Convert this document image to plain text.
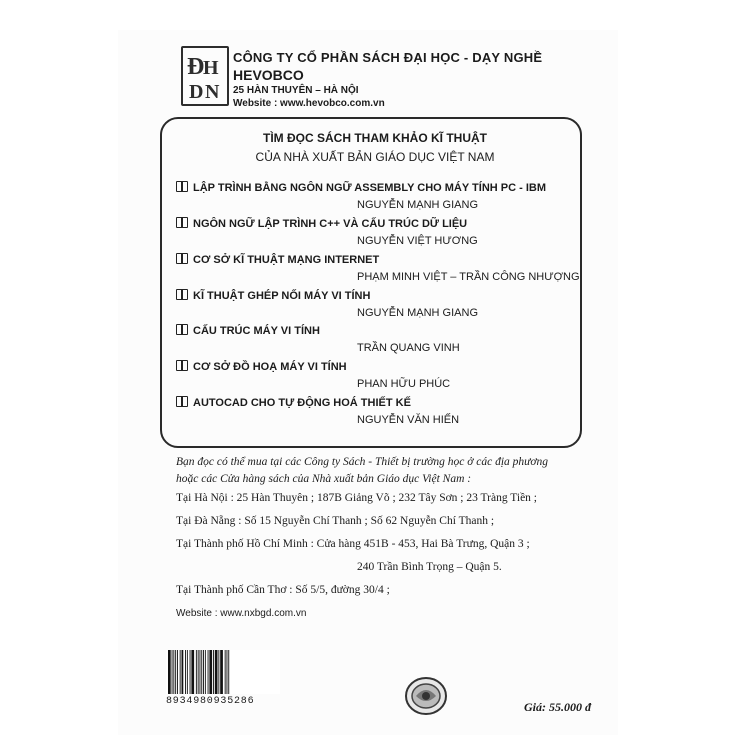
Đ
H
D N
CÔNG TY CỔ PHẦN SÁCH ĐẠI HỌC - DẠY NGHỀ
HEVOBCO
25 HÀN THUYÊN – HÀ NỘI
Website : www.hevobco.com.vn
TÌM ĐỌC SÁCH THAM KHẢO KĨ THUẬT
CỦA NHÀ XUẤT BẢN GIÁO DỤC VIỆT NAM
LẬP TRÌNH BẰNG NGÔN NGỮ ASSEMBLY CHO MÁY TÍNH PC - IBM
NGUYỄN MẠNH GIANG
NGÔN NGỮ LẬP TRÌNH C++ VÀ CẤU TRÚC DỮ LIỆU
NGUYỄN VIỆT HƯƠNG
CƠ SỞ KĨ THUẬT MẠNG INTERNET
PHẠM MINH VIỆT – TRẦN CÔNG NHƯỢNG
KĨ THUẬT GHÉP NỐI MÁY VI TÍNH
NGUYỄN MẠNH GIANG
CẤU TRÚC MÁY VI TÍNH
TRẦN QUANG VINH
CƠ SỞ ĐỒ HOẠ MÁY VI TÍNH
PHAN HỮU PHÚC
AUTOCAD CHO TỰ ĐỘNG HOÁ THIẾT KẾ
NGUYỄN VĂN HIẾN
Bạn đọc có thể mua tại các Công ty Sách - Thiết bị trường học ở các địa phương
hoặc các Cửa hàng sách của Nhà xuất bản Giáo dục Việt Nam :
Tại Hà Nội : 25 Hàn Thuyên ; 187B Giảng Võ ; 232 Tây Sơn ; 23 Tràng Tiền ;
Tại Đà Nẵng : Số 15 Nguyễn Chí Thanh ; Số 62 Nguyễn Chí Thanh ;
Tại Thành phố Hồ Chí Minh : Cửa hàng 451B - 453, Hai Bà Trưng, Quận 3 ;
240 Trần Bình Trọng – Quận 5.
Tại Thành phố Cần Thơ : Số 5/5, đường 30/4 ;
Website : www.nxbgd.com.vn
8934980935286	Giá: 55.000 đ
